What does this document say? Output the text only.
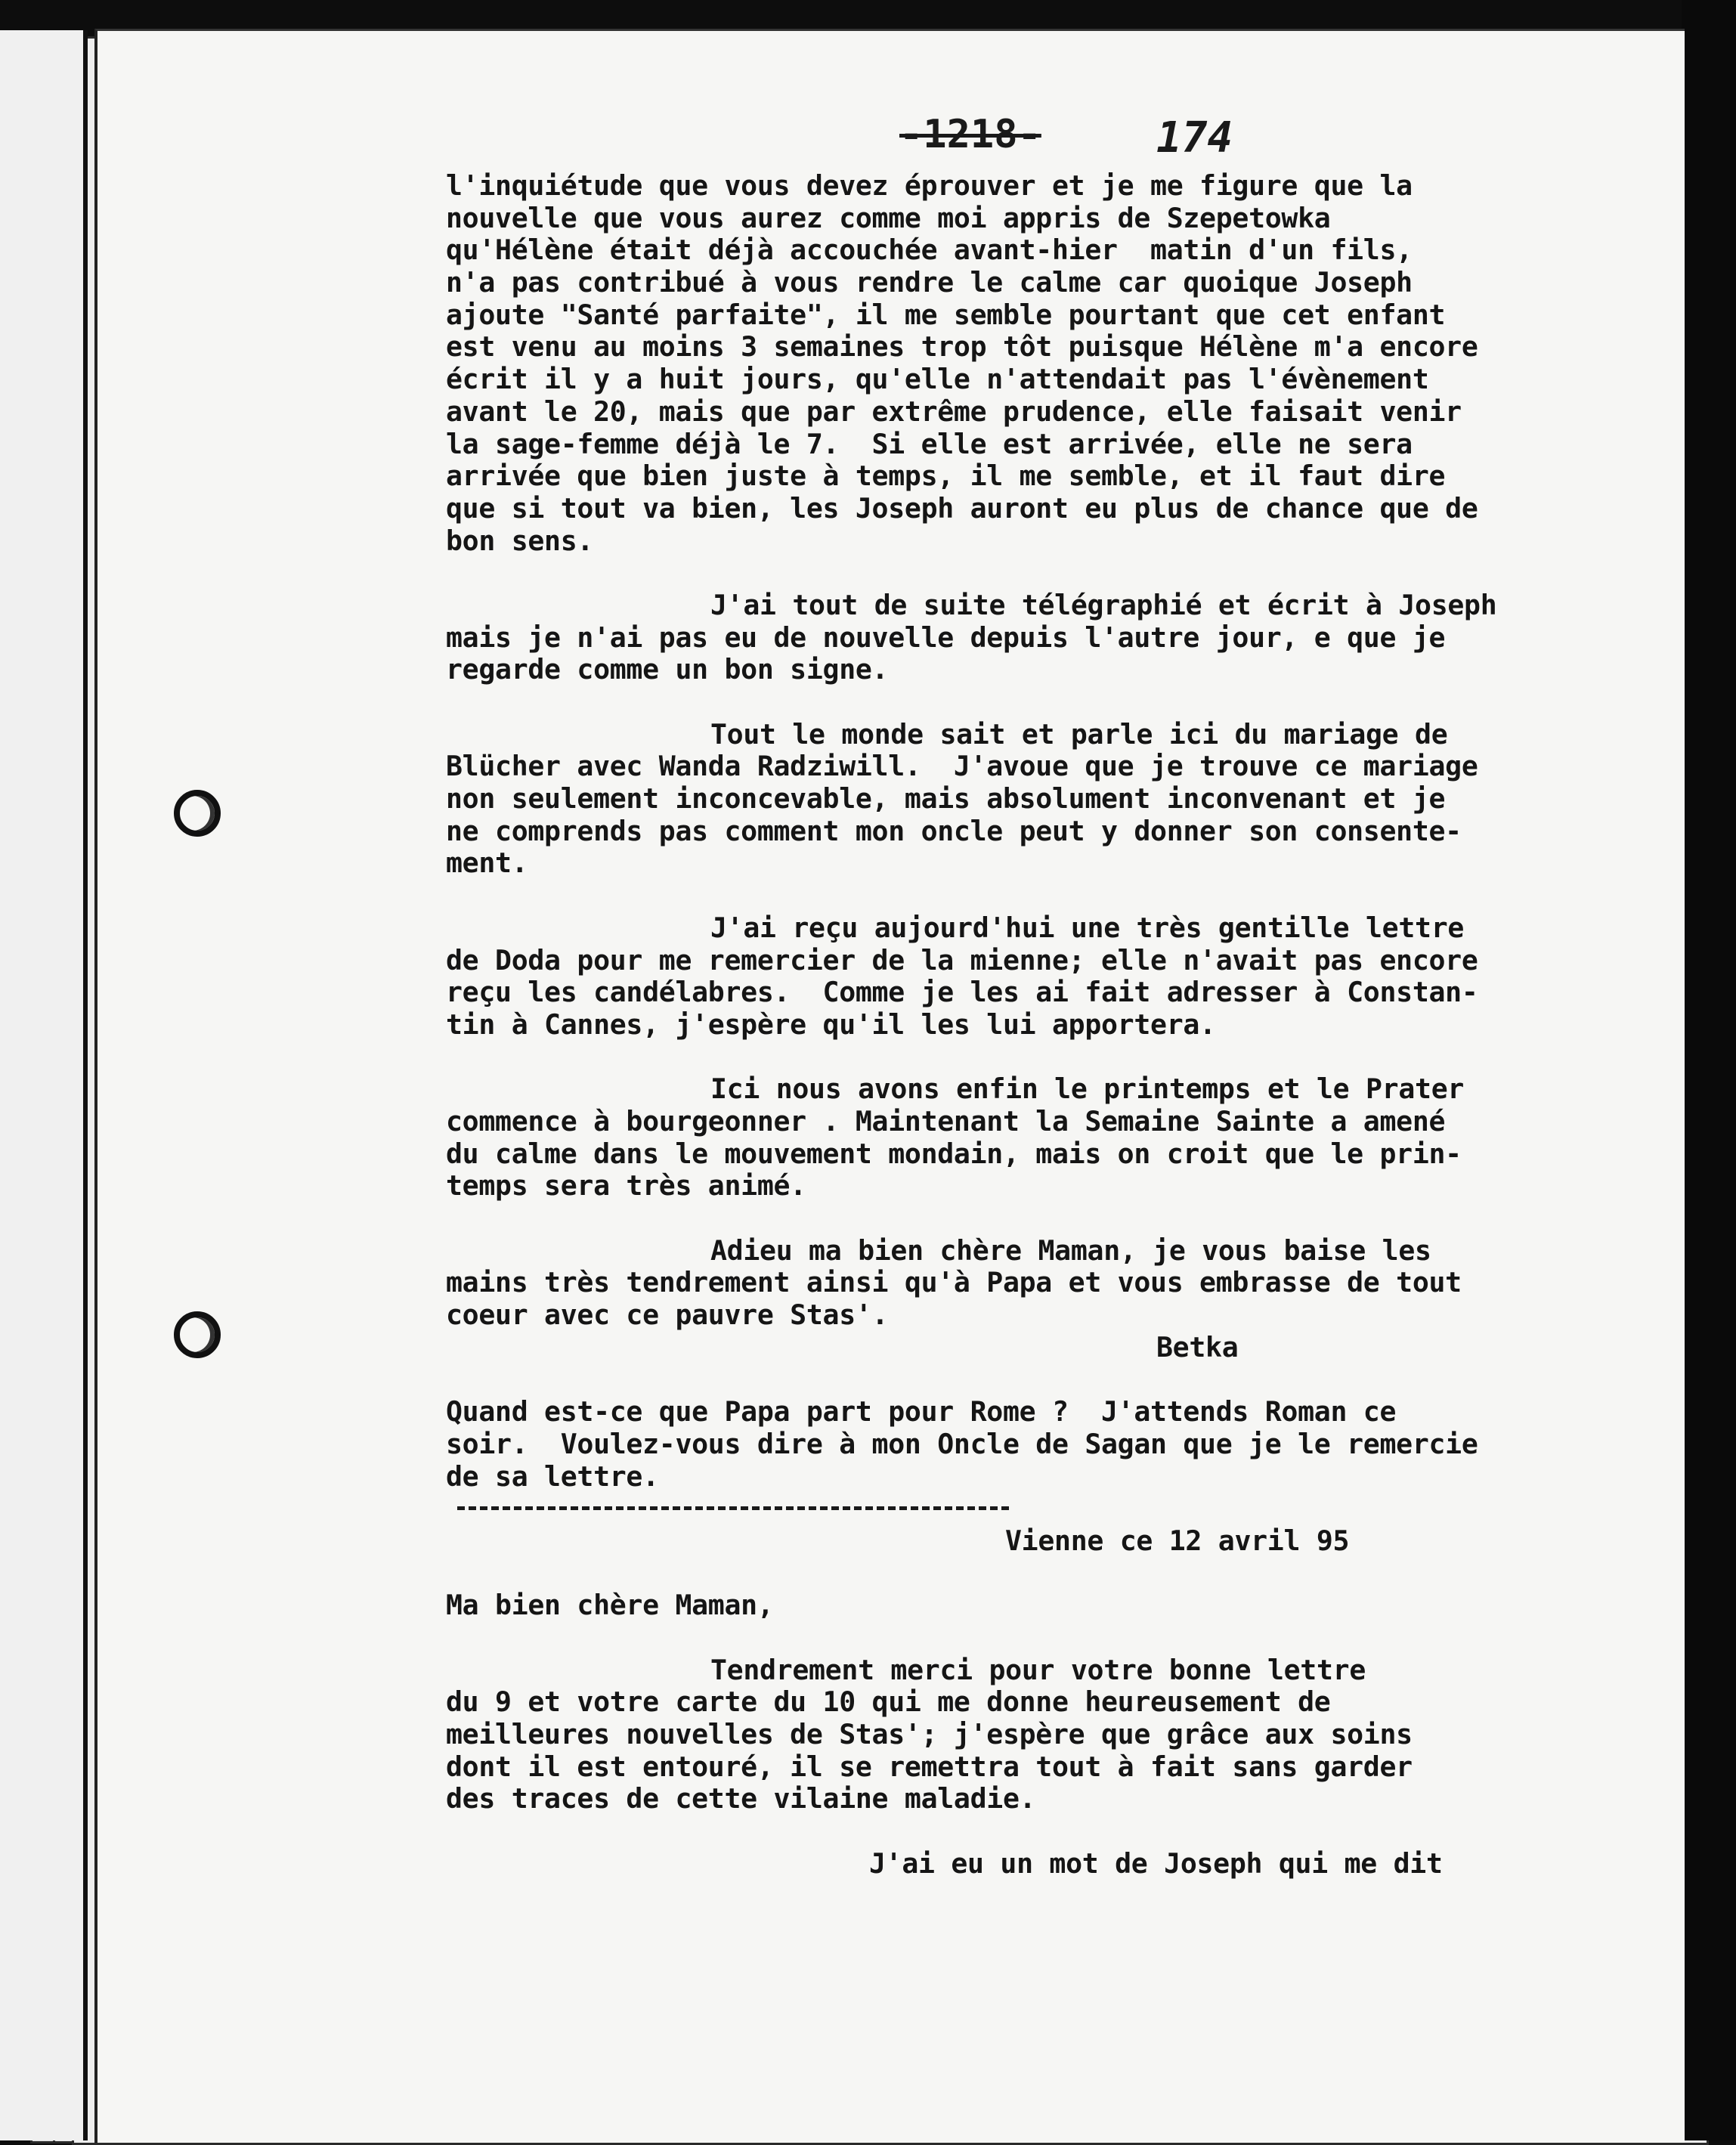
-1218-	174
l'inquiétude que vous devez éprouver et je me figure que la
nouvelle que vous aurez comme moi appris de Szepetowka
qu'Hélène était déjà accouchée avant-hier  matin d'un fils,
n'a pas contribué à vous rendre le calme car quoique Joseph
ajoute "Santé parfaite", il me semble pourtant que cet enfant
est venu au moins 3 semaines trop tôt puisque Hélène m'a encore
écrit il y a huit jours, qu'elle n'attendait pas l'évènement
avant le 20, mais que par extrême prudence, elle faisait venir
la sage-femme déjà le 7.  Si elle est arrivée, elle ne sera
arrivée que bien juste à temps, il me semble, et il faut dire
que si tout va bien, les Joseph auront eu plus de chance que de
bon sens.
J'ai tout de suite télégraphié et écrit à Joseph
mais je n'ai pas eu de nouvelle depuis l'autre jour, e que je
regarde comme un bon signe.
Tout le monde sait et parle ici du mariage de
Blücher avec Wanda Radziwill.  J'avoue que je trouve ce mariage
non seulement inconcevable, mais absolument inconvenant et je
ne comprends pas comment mon oncle peut y donner son consente-
ment.
J'ai reçu aujourd'hui une très gentille lettre
de Doda pour me remercier de la mienne; elle n'avait pas encore
reçu les candélabres.  Comme je les ai fait adresser à Constan-
tin à Cannes, j'espère qu'il les lui apportera.
Ici nous avons enfin le printemps et le Prater
commence à bourgeonner . Maintenant la Semaine Sainte a amené
du calme dans le mouvement mondain, mais on croit que le prin-
temps sera très animé.
Adieu ma bien chère Maman, je vous baise les
mains très tendrement ainsi qu'à Papa et vous embrasse de tout
coeur avec ce pauvre Stas'.
Betka
Quand est-ce que Papa part pour Rome ?  J'attends Roman ce
soir.  Voulez-vous dire à mon Oncle de Sagan que je le remercie
de sa lettre.
Vienne ce 12 avril 95
Ma bien chère Maman,
Tendrement merci pour votre bonne lettre
du 9 et votre carte du 10 qui me donne heureusement de
meilleures nouvelles de Stas'; j'espère que grâce aux soins
dont il est entouré, il se remettra tout à fait sans garder
des traces de cette vilaine maladie.
J'ai eu un mot de Joseph qui me dit
